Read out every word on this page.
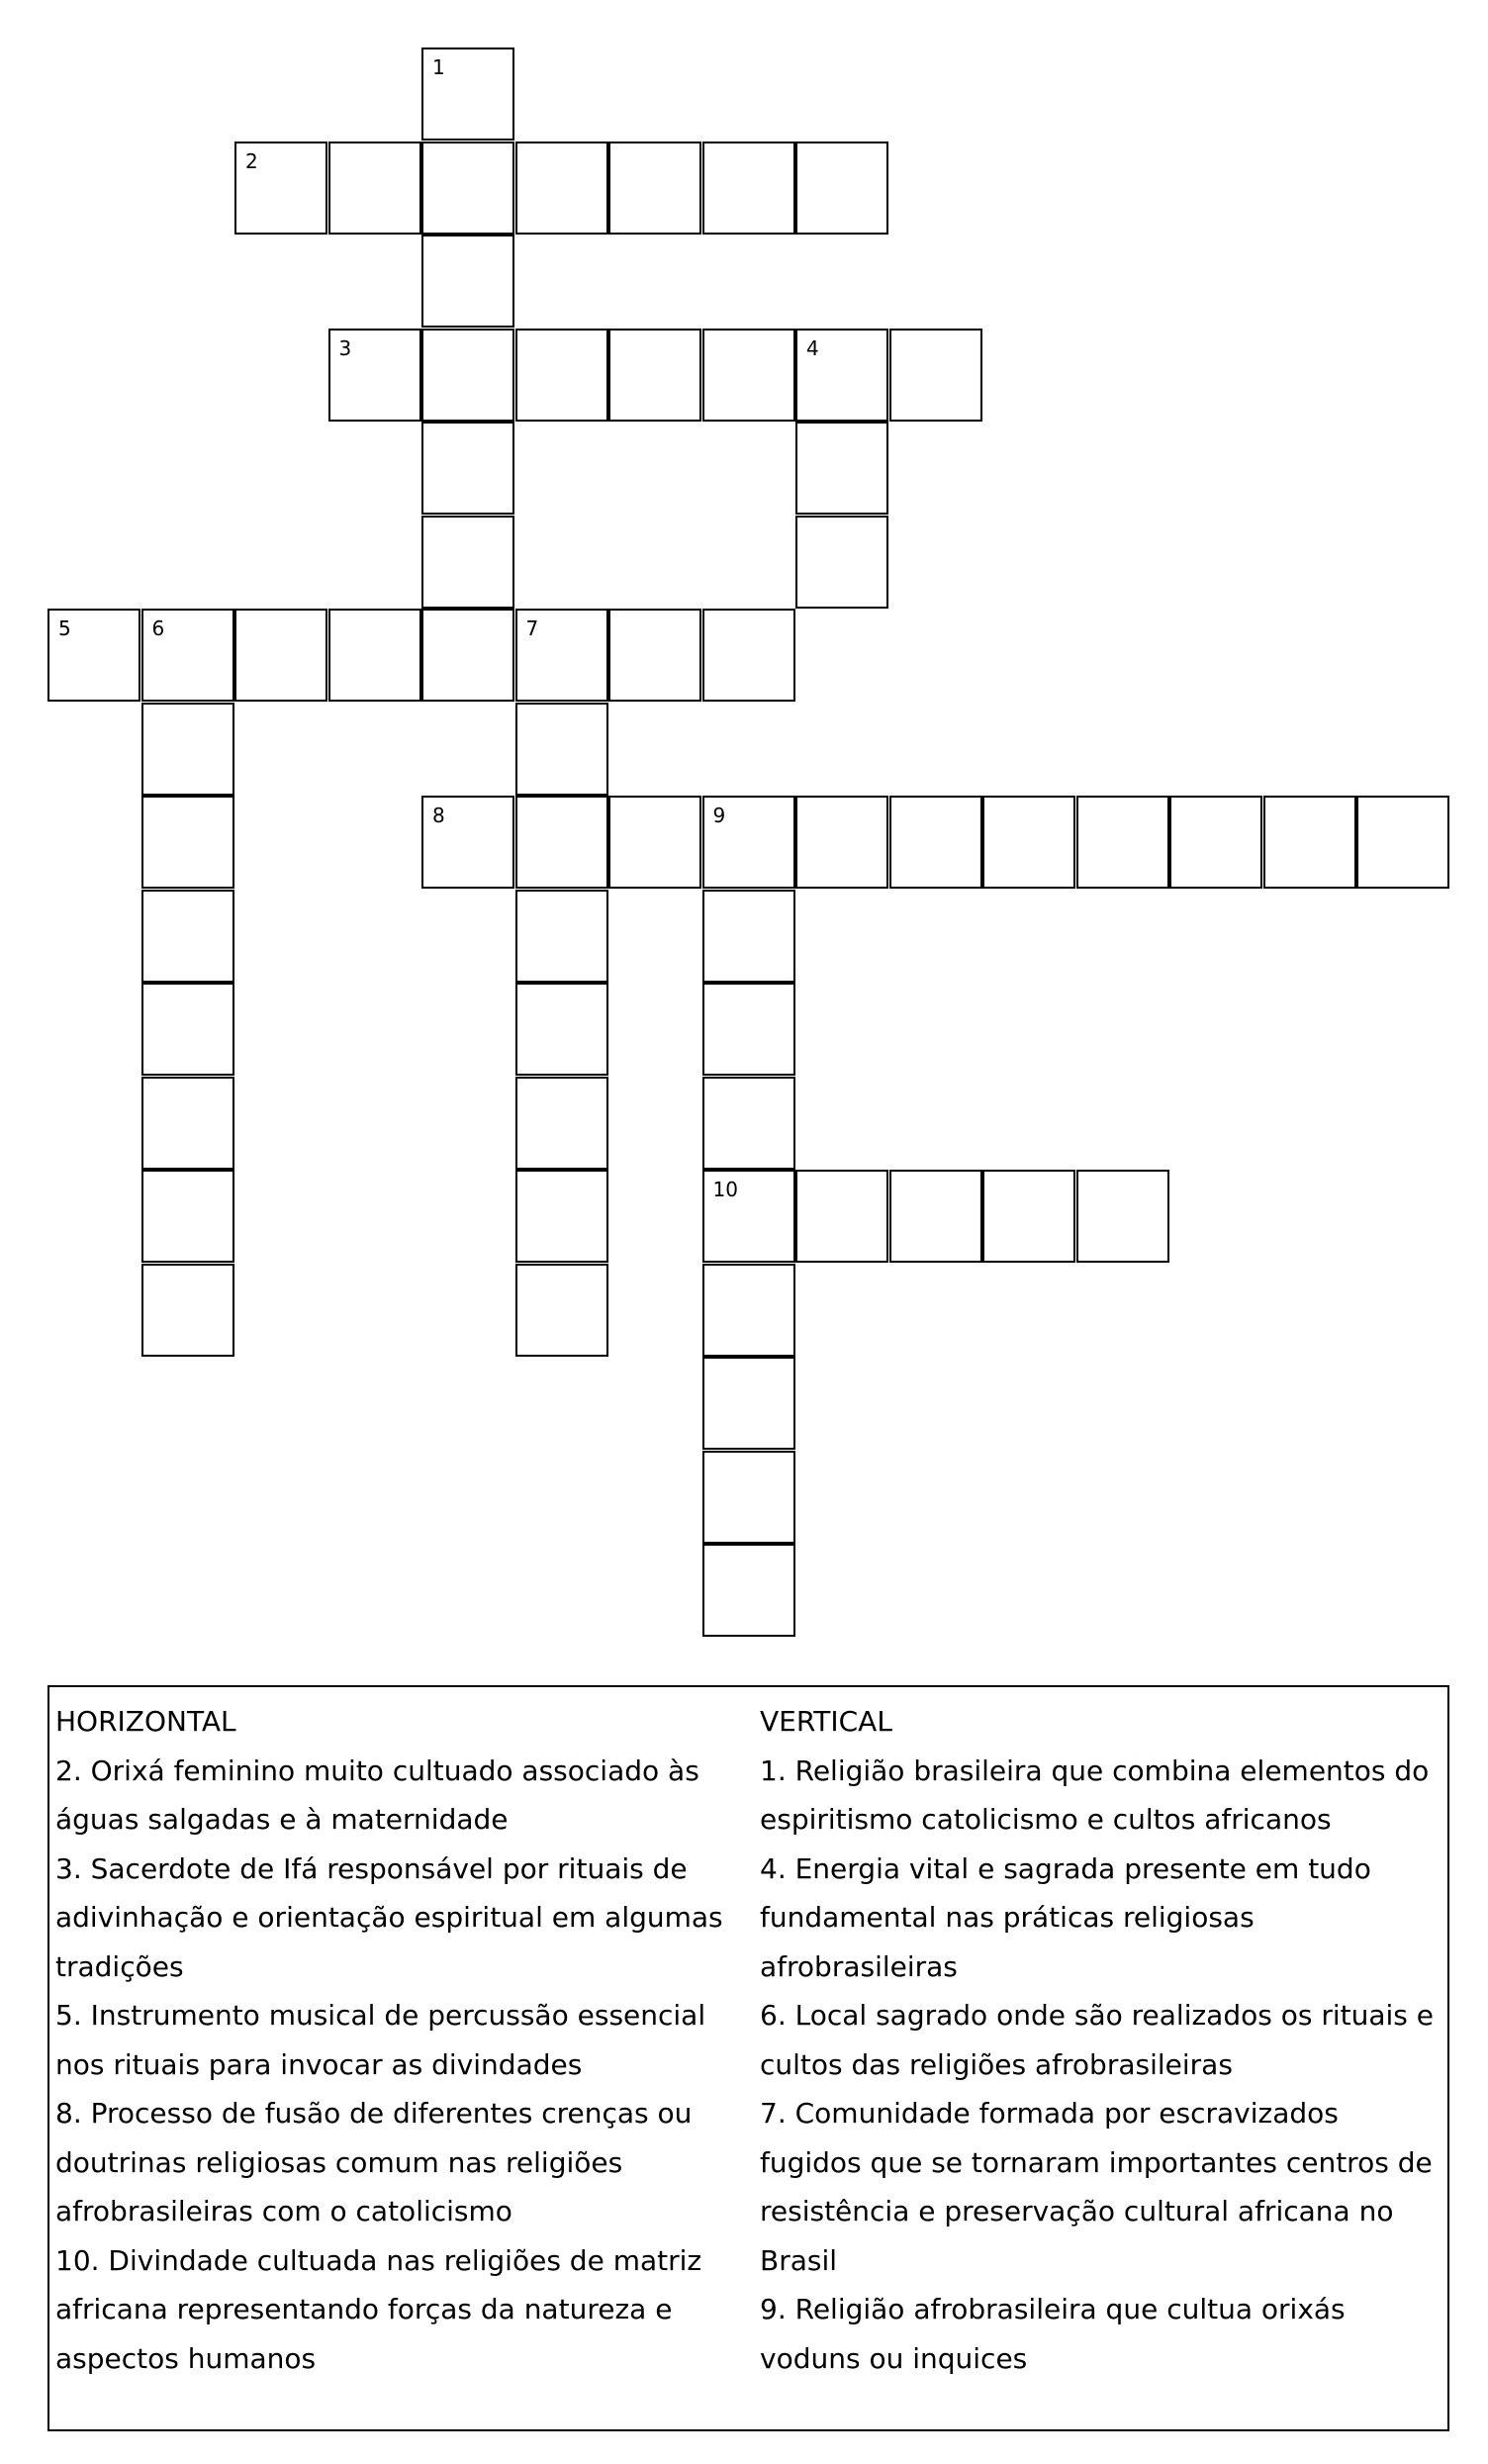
1
2
3	4
5	6	7
8	9
10
HORIZONTAL
2. Orixá feminino muito cultuado associado às águas salgadas e à maternidade
3. Sacerdote de Ifá responsável por rituais de adivinhação e orientação espiritual em algumas tradições
5. Instrumento musical de percussão essencial nos rituais para invocar as divindades
8. Processo de fusão de diferentes crenças ou doutrinas religiosas comum nas religiões afrobrasileiras com o catolicismo
10. Divindade cultuada nas religiões de matriz africana representando forças da natureza e aspectos humanos
VERTICAL
1. Religião brasileira que combina elementos do espiritismo catolicismo e cultos africanos
4. Energia vital e sagrada presente em tudo fundamental nas práticas religiosas afrobrasileiras
6. Local sagrado onde são realizados os rituais e cultos das religiões afrobrasileiras
7. Comunidade formada por escravizados fugidos que se tornaram importantes centros de resistência e preservação cultural africana no Brasil
9. Religião afrobrasileira que cultua orixás voduns ou inquices
